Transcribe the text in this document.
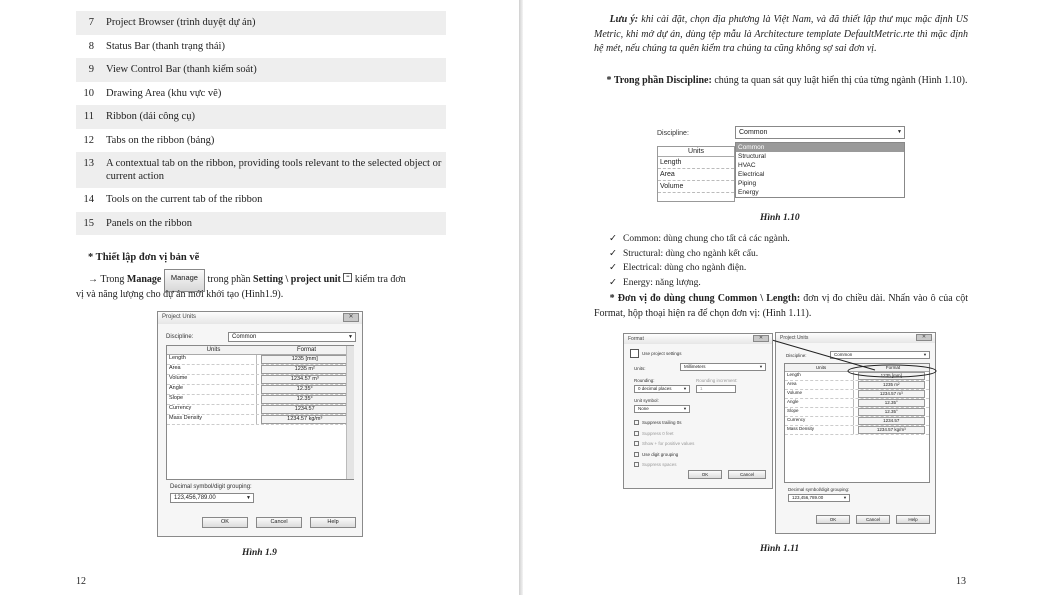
7	Project Browser (trình duyệt dự án)
8	Status Bar (thanh trạng thái)
9	View Control Bar (thanh kiểm soát)
10	Drawing Area (khu vực vẽ)
11	Ribbon (dải công cụ)
12	Tabs on the ribbon (bảng)
13	A contextual tab on the ribbon, providing tools relevant to the selected object or current action
14	Tools on the current tab of the ribbon
15	Panels on the ribbon
* Thiết lập đơn vị bản vẽ
→ Trong Manage Manage trong phần Setting \ project unit ≡ kiểm tra đơn
vị và năng lượng cho dự án mới khởi tạo (Hình1.9).
Project Units	✕
Discipline:	Common	▼
Units	Format
Length	1235 [mm]
Area	1235 m²
Volume	1234.57 m³
Angle	12.35°
Slope	12.35°
Currency	1234.57
Mass Density	1234.57 kg/m³
Decimal symbol/digit grouping:
123,456,789.00	▼
OK	Cancel	Help
Hình 1.9
12
Lưu ý: khi cài đặt, chọn địa phương là Việt Nam, và đã thiết lập thư mục mặc định US Metric, khi mở dự án, dùng tệp mẫu là Architecture template DefaultMetric.rte thì mặc định hệ mét, nếu chúng ta quên kiểm tra chúng ta cũng không sợ sai đơn vị.
* Trong phần Discipline: chúng ta quan sát quy luật hiển thị của từng ngành (Hình 1.10).
Discipline:	Common	▼
Units
Length
Area
Volume
Common
Structural
HVAC
Electrical
Piping
Energy
Hình 1.10
✓ Common: dùng chung cho tất cả các ngành.
✓ Structural: dùng cho ngành kết cấu.
✓ Electrical: dùng cho ngành điện.
✓ Energy: năng lượng.
* Đơn vị đo dùng chung Common \ Length: đơn vị đo chiều dài. Nhấn vào ô của cột Format, hộp thoại hiện ra để chọn đơn vị: (Hình 1.11).
Project Units	✕
Discipline:	Common	▼
Units	Format
Length	1235 [mm]
Area	1235 m²
Volume	1234.57 m³
Angle	12.35°
Slope	12.35°
Currency	1234.57
Mass Density	1234.57 kg/m³
Decimal symbol/digit grouping:
123,456,789.00	▼
OK	Cancel	Help
Format	✕
Use project settings
Units:	Millimeters	▼
Rounding:	Rounding increment:
0 decimal places	▼	1
Unit symbol:
None	▼
Suppress trailing 0s
Suppress 0 feet
Show + for positive values
Use digit grouping
Suppress spaces
OK	Cancel
Hình 1.11
13
